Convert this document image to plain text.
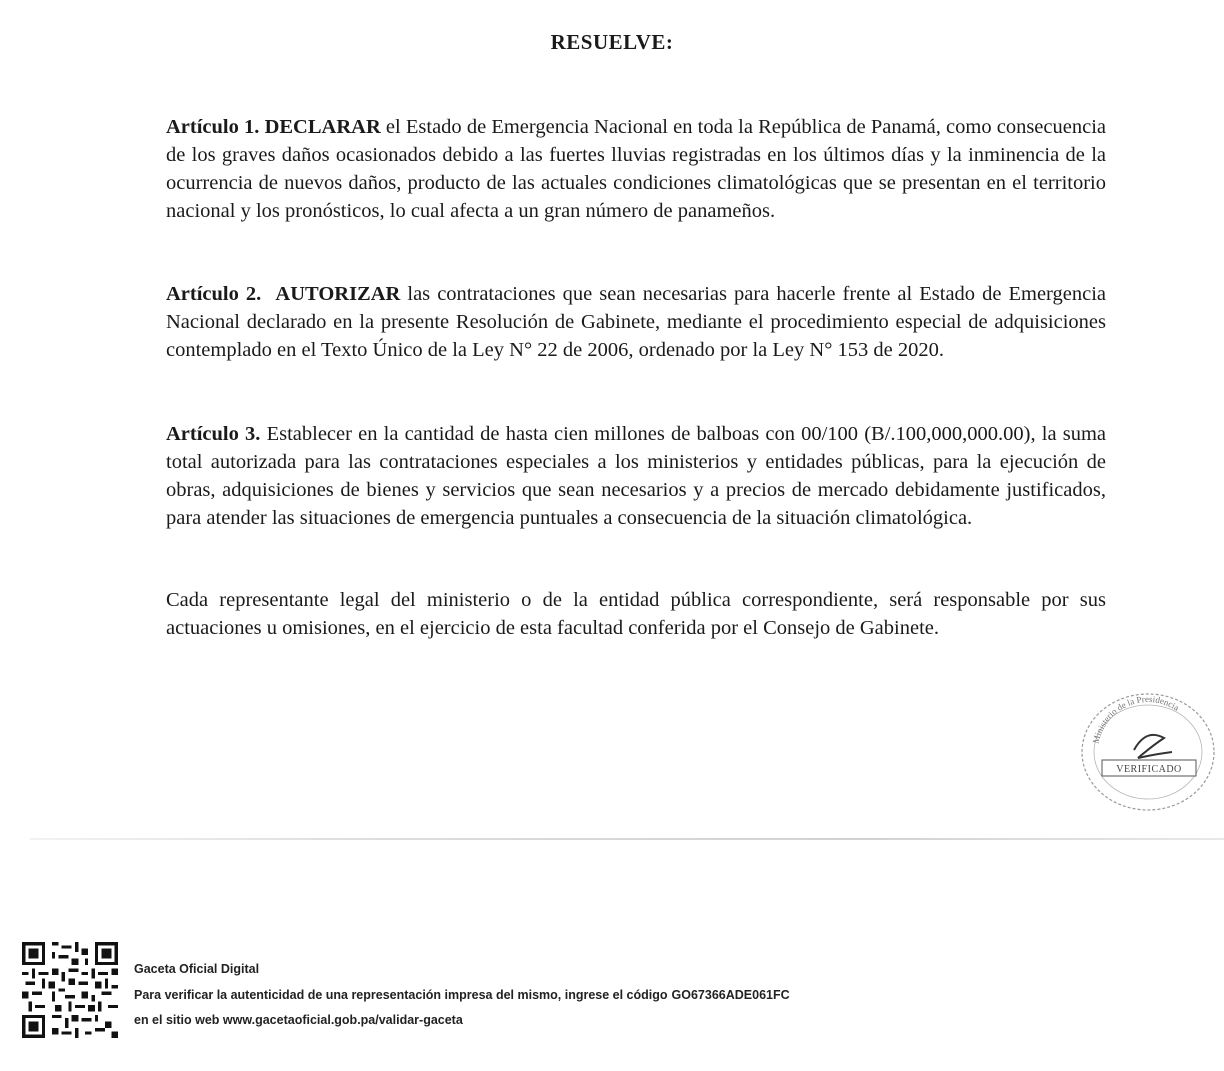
RESUELVE:
Artículo 1. DECLARAR el Estado de Emergencia Nacional en toda la República de Panamá, como consecuencia de los graves daños ocasionados debido a las fuertes lluvias registradas en los últimos días y la inminencia de la ocurrencia de nuevos daños, producto de las actuales condiciones climatológicas que se presentan en el territorio nacional y los pronósticos, lo cual afecta a un gran número de panameños.
Artículo 2. AUTORIZAR las contrataciones que sean necesarias para hacerle frente al Estado de Emergencia Nacional declarado en la presente Resolución de Gabinete, mediante el procedimiento especial de adquisiciones contemplado en el Texto Único de la Ley N° 22 de 2006, ordenado por la Ley N° 153 de 2020.
Artículo 3. Establecer en la cantidad de hasta cien millones de balboas con 00/100 (B/.100,000,000.00), la suma total autorizada para las contrataciones especiales a los ministerios y entidades públicas, para la ejecución de obras, adquisiciones de bienes y servicios que sean necesarios y a precios de mercado debidamente justificados, para atender las situaciones de emergencia puntuales a consecuencia de la situación climatológica.
Cada representante legal del ministerio o de la entidad pública correspondiente, será responsable por sus actuaciones u omisiones, en el ejercicio de esta facultad conferida por el Consejo de Gabinete.
Ministerio de la Presidencia
VERIFICADO
Gaceta Oficial Digital
Para verificar la autenticidad de una representación impresa del mismo, ingrese el código GO67366ADE061FC
en el sitio web www.gacetaoficial.gob.pa/validar-gaceta
